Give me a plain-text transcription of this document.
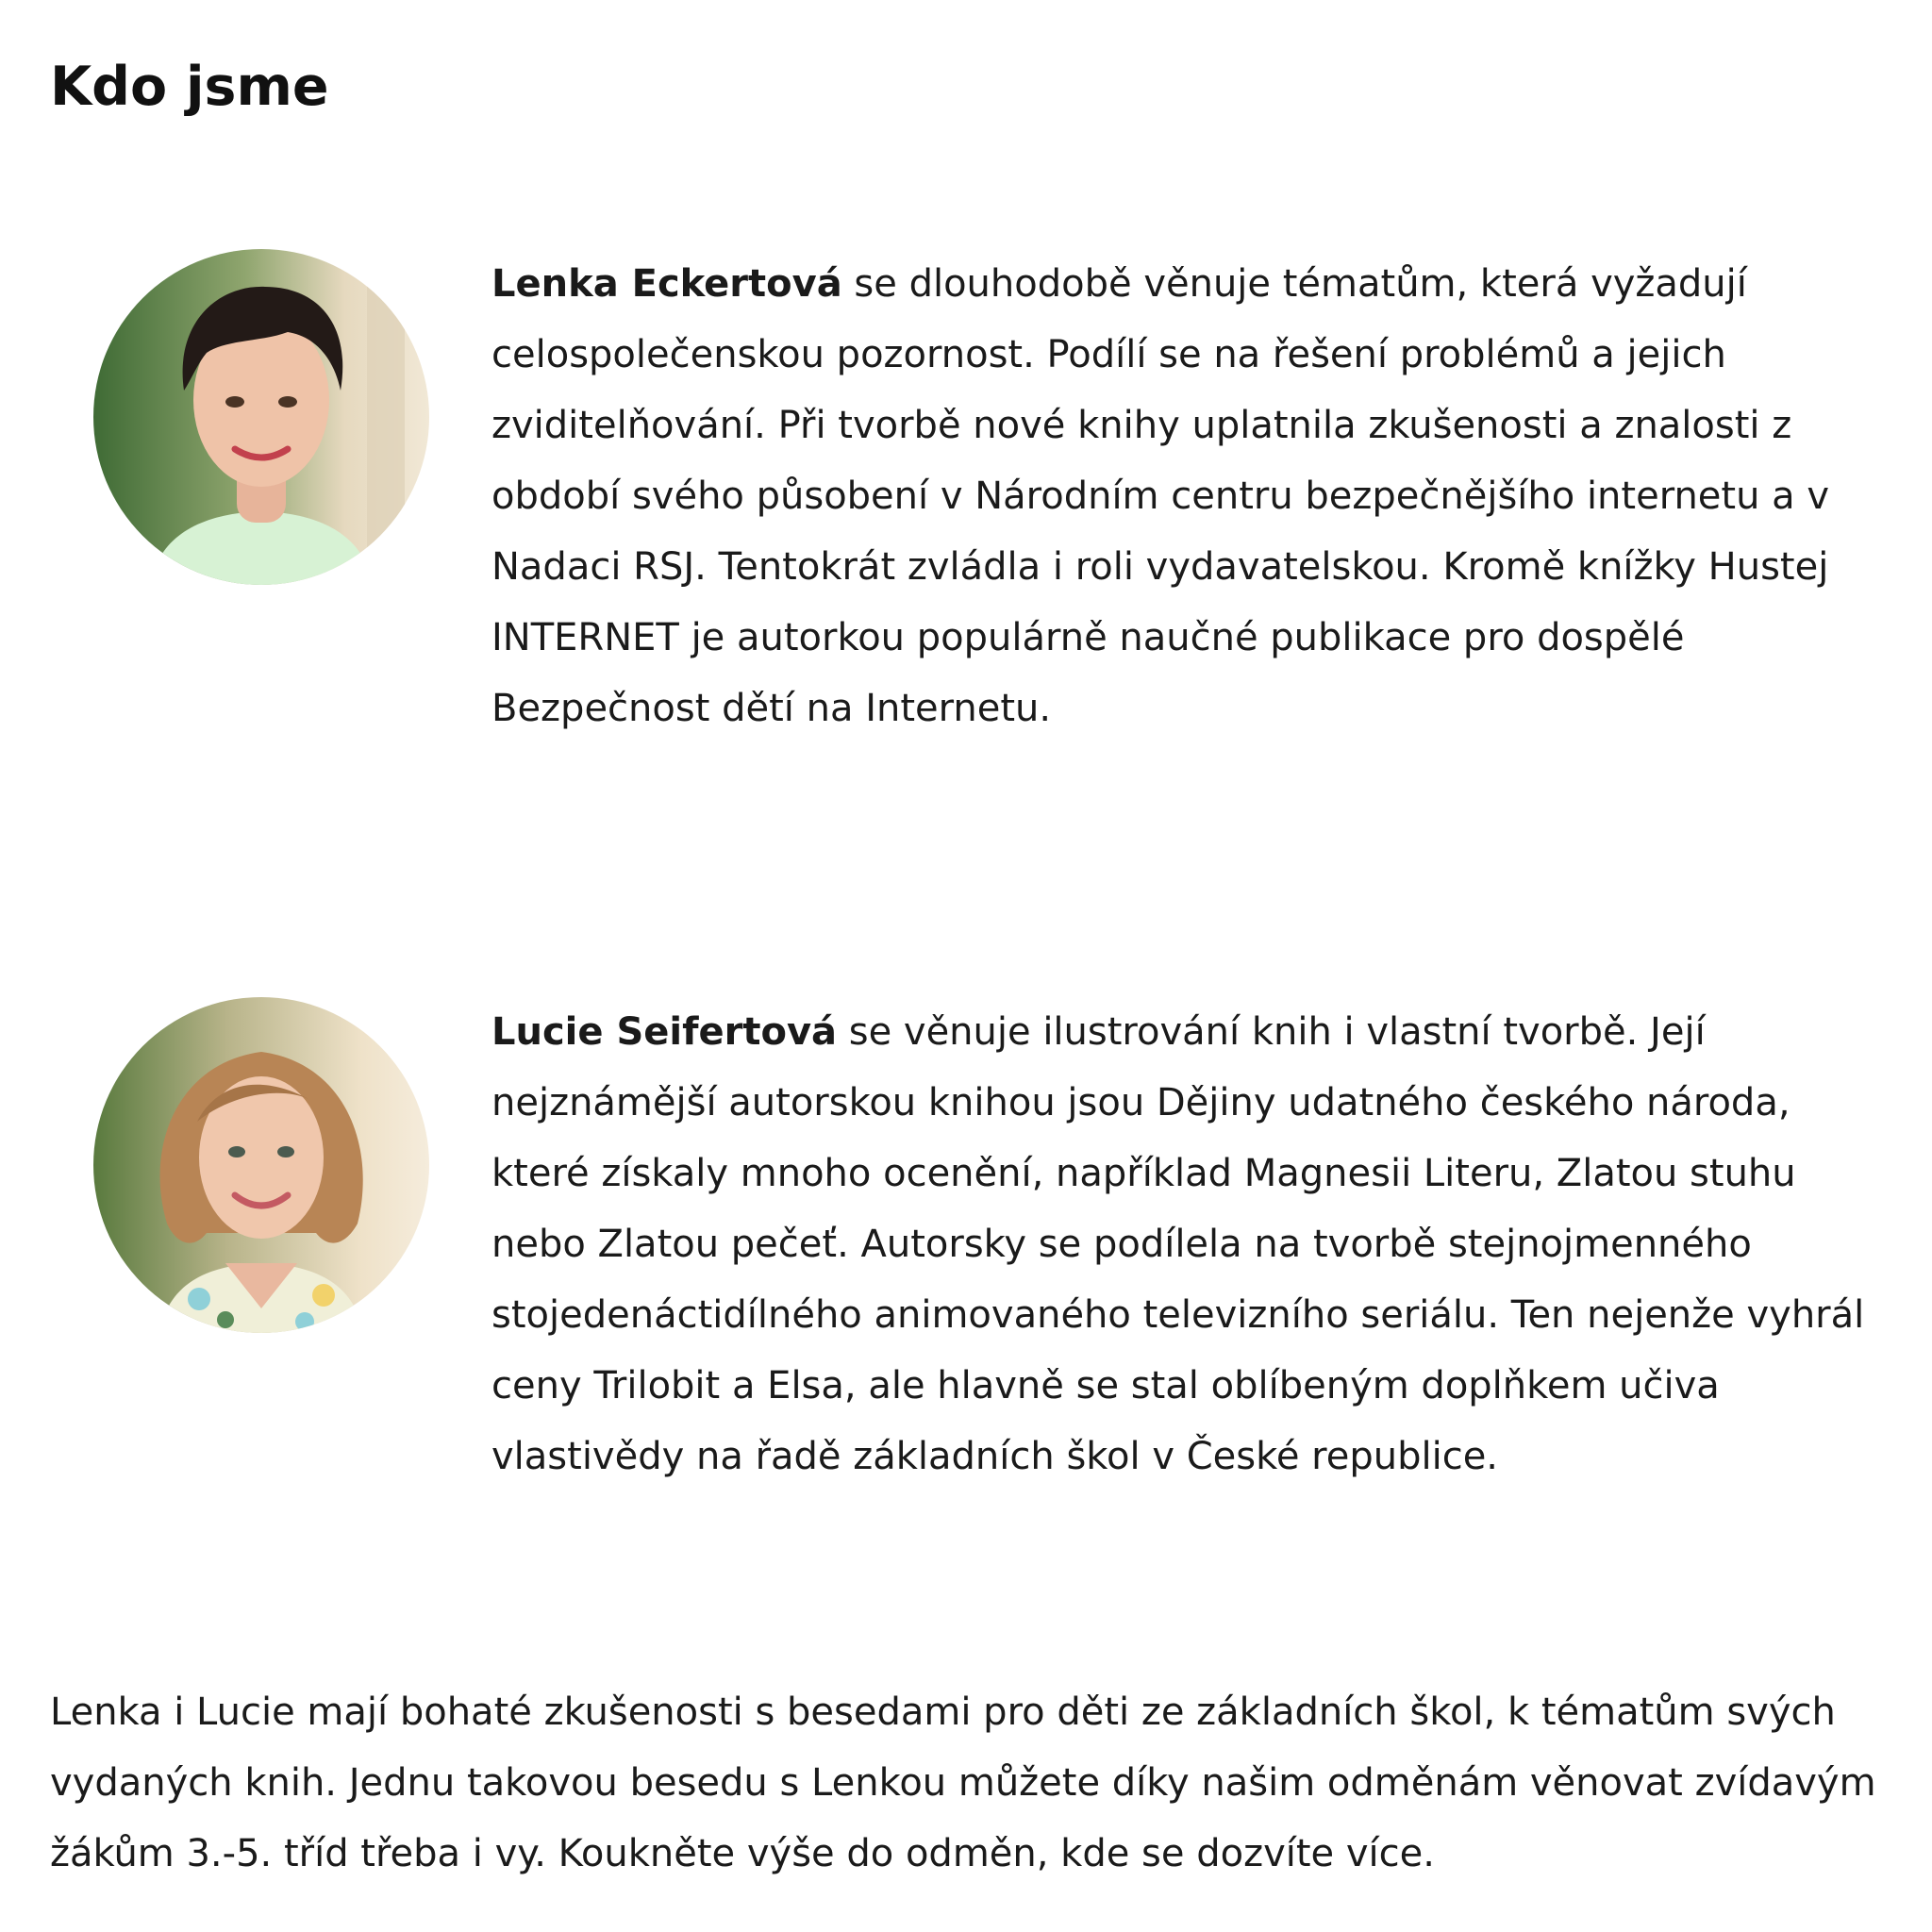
Kdo jsme

Lenka Eckertová se dlouhodobě věnuje tématům, která vyžadují celospolečenskou pozornost. Podílí se na řešení problémů a jejich zviditelňování. Při tvorbě nové knihy uplatnila zkušenosti a znalosti z období svého působení v Národním centru bezpečnějšího internetu a v Nadaci RSJ. Tentokrát zvládla i roli vydavatelskou. Kromě knížky Hustej INTERNET je autorkou populárně naučné publikace pro dospělé Bezpečnost dětí na Internetu.

Lucie Seifertová se věnuje ilustrování knih i vlastní tvorbě. Její nejznámější autorskou knihou jsou Dějiny udatného českého národa, které získaly mnoho ocenění, například Magnesii Literu, Zlatou stuhu nebo Zlatou pečeť. Autorsky se podílela na tvorbě stejnojmenného stojedenáctidílného animovaného televizního seriálu. Ten nejenže vyhrál ceny Trilobit a Elsa, ale hlavně se stal oblíbeným doplňkem učiva vlastivědy na řadě základních škol v České republice.

Lenka i Lucie mají bohaté zkušenosti s besedami pro děti ze základních škol, k tématům svých vydaných knih. Jednu takovou besedu s Lenkou můžete díky našim odměnám věnovat zvídavým žákům 3.-5. tříd třeba i vy. Koukněte výše do odměn, kde se dozvíte více.
